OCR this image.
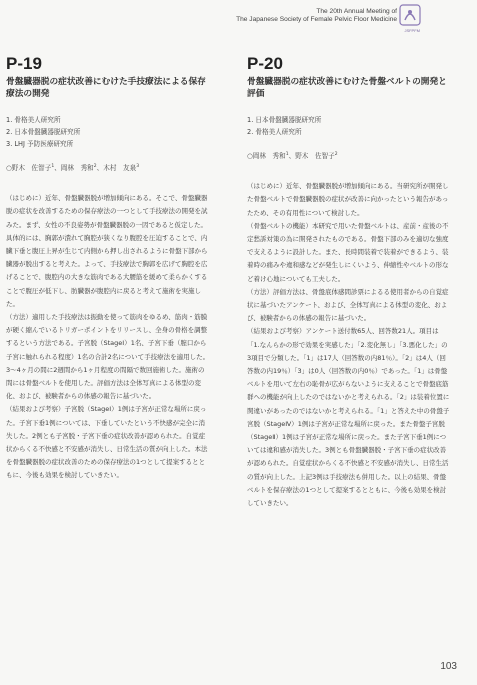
The 20th Annual Meeting of
The Japanese Society of Female Pelvic Floor Medicine
JSFPFM
P-19
骨盤臓器脱の症状改善にむけた手技療法による保存療法の開発
1. 骨格美人研究所
2. 日本骨盤臓器脱研究所
3. LHJ 予防医療研究所
○野木　佐智子$^1$、岡林　秀和$^2$、木村　友泉$^3$

（はじめに）近年、骨盤臓器脱が増加傾向にある。そこで、骨盤臓器脱の症状を改善するための保存療法の一つとして手技療法の開発を試みた。まず、女性の不良姿勢が骨盤臓器脱の一因であると仮定した。具体的には、胸郭が潰れて胸腔が狭くなり腹腔を圧迫することで、内臓下垂と腹圧上昇が生じて内側から押し出されるように骨盤下部から臓器が脱出すると考えた。よって、手技療法で胸郭を広げて胸腔を広げることで、腹腔内の大きな筋肉である大腰筋を緩めて柔らかくすることで腹圧が低下し、肪臓器が腹腔内に戻ると考えて施術を実施した。

（方法）適用した手技療法は振動を使って筋肉をゆるめ、筋肉・筋膜が硬く縮んでいるトリガーポイントをリリースし、全身の骨格を調整するという方法である。子宮脱（StageⅠ）1名、子宮下垂（膣口から子宮に触れられる程度）1名の合計2名について手技療法を適用した。3～4ヶ月の間に2週間から1ヶ月程度の間隔で数回施術した。施術の間には骨盤ベルトを使用した。評価方法は全体写真による体型の変化、および、被験者からの体感の報告に基づいた。

（結果および考察）子宮脱（StageⅠ）1例は子宮が正常な場所に戻った。子宮下垂1例については、下垂していたという不快感が完全に消失した。2例とも子宮脱・子宮下垂の症状改善が認められた。自覚症状からくる不快感と不安感が消失し、日常生活の質が向上した。本法を骨盤臓器脱の症状改善のための保存療法の1つとして提案するとともに、今後も効果を検討していきたい。

P-20
骨盤臓器脱の症状改善にむけた骨盤ベルトの開発と評価
1. 日本骨盤臓器脱研究所
2. 骨格美人研究所
○岡林　秀和$^1$、野木　佐智子$^2$

（はじめに）近年、骨盤臓器脱が増加傾向にある。当研究所が開発した骨盤ベルトで骨盤臓器脱の症状が改善に向かったという報告があったため、その有用性について検討した。

（骨盤ベルトの機能）本研究で用いた骨盤ベルトは、産前・産後の不定愁訴対策の為に開発されたものである。骨盤下部のみを適切な強度で支えるように設計した。また、長時間装着で装着ができるよう、装着時の痛みや違和感などが発生しにくいよう、伸縮性やベルトの形など着け心地についても工夫した。

（方法）評価方法は、骨盤底体感間診票によるる使用者からの自覚症状に基づいたアンケート、および、全体写真による体型の変化、および、被験者からの体感の報告に基づいた。

（結果および考察）アンケート送付数65人、回答数21人。項目は「1.なんらかの形で効果を実感した」「2.変化無し」「3.悪化した」の3項目で分類した。「1」は17人（回答数の内81％）。「2」は4人（回答数の内19％）「3」は0人（回答数の内0％）であった。「1」は骨盤ベルトを用いて左右の恥骨が広がらないように支えることで骨盤底筋群への機能が向上したのではないかと考えられる。「2」は装着位置に関違いがあったのではないかと考えられる。「1」と答えた中の骨盤子宮脱（StageⅣ）1例は子宮が正常な場所に戻った。また骨盤子宮脱（StageⅡ）1例は子宮が正常な場所に戻った。また子宮下垂1例については違和感が消失した。3例とも骨盤臓器脱・子宮下垂の症状改善が認められた。自覚症状からくる不快感と不安感が消失し、日常生活の質が向上した。上記3例は手技療法も併用した。以上の結果、骨盤ベルトを保存療法の1つとして提案するとともに、今後も効果を検討していきたい。

103
